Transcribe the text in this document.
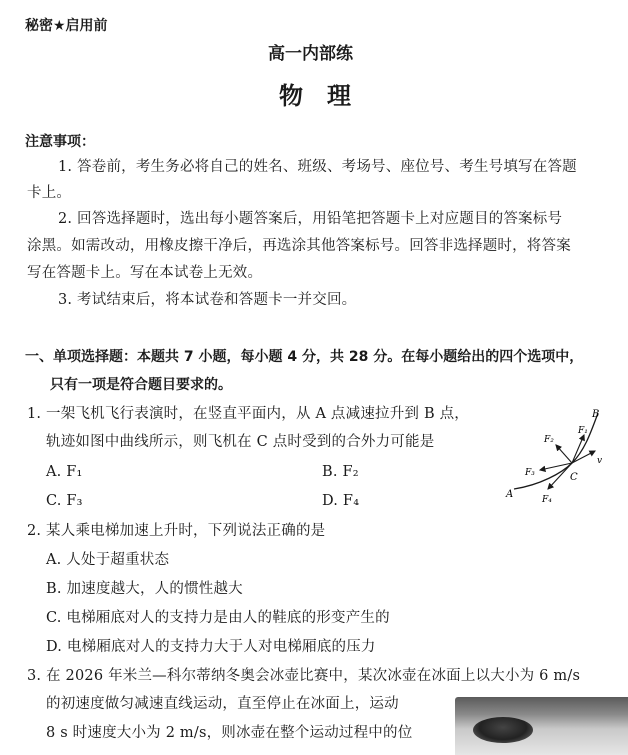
秘密★启用前
高一内部练
物　理
注意事项：
1. 答卷前，考生务必将自己的姓名、班级、考场号、座位号、考生号填写在答题
卡上。
2. 回答选择题时，选出每小题答案后，用铅笔把答题卡上对应题目的答案标号
涂黑。如需改动，用橡皮擦干净后，再选涂其他答案标号。回答非选择题时，将答案
写在答题卡上。写在本试卷上无效。
3. 考试结束后，将本试卷和答题卡一并交回。
一、单项选择题：本题共 7 小题，每小题 4 分，共 28 分。在每小题给出的四个选项中，
只有一项是符合题目要求的。
1. 一架飞机飞行表演时，在竖直平面内，从 A 点减速拉升到 B 点，
轨迹如图中曲线所示，则飞机在 C 点时受到的合外力可能是
A. F₁	B. F₂
C. F₃	D. F₄
B
F₁
F₂
v
F₃	C
F₄
A
2. 某人乘电梯加速上升时，下列说法正确的是
A. 人处于超重状态
B. 加速度越大，人的惯性越大
C. 电梯厢底对人的支持力是由人的鞋底的形变产生的
D. 电梯厢底对人的支持力大于人对电梯厢底的压力
3. 在 2026 年米兰—科尔蒂纳冬奥会冰壶比赛中，某次冰壶在冰面上以大小为 6 m/s
的初速度做匀减速直线运动，直至停止在冰面上，运动
8 s 时速度大小为 2 m/s，则冰壶在整个运动过程中的位
